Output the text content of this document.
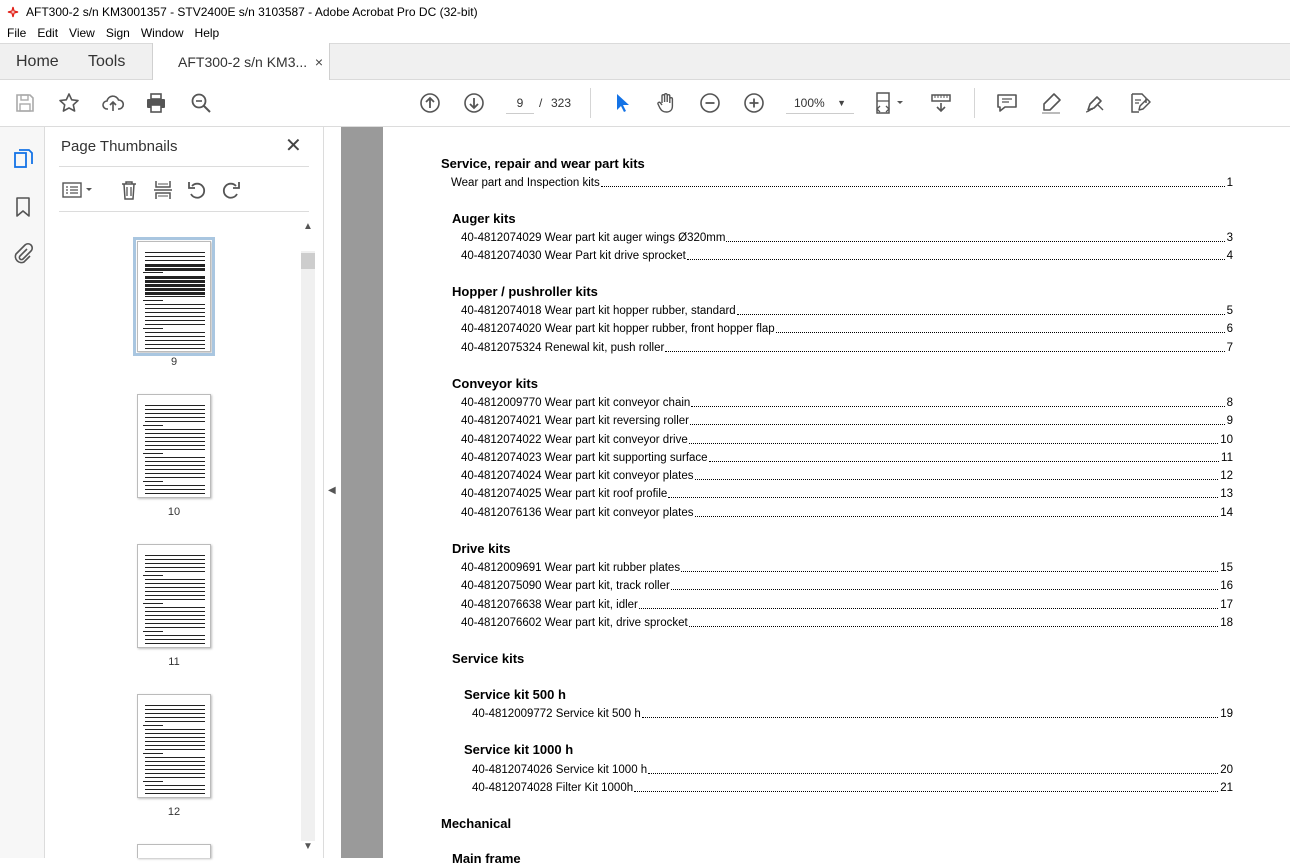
AFT300-2 s/n KM3001357 - STV2400E s/n 3103587 - Adobe Acrobat Pro DC (32-bit)
File Edit View Sign Window Help
Home Tools	AFT300-2 s/n KM3... ×
9	/ 323	100% ▼
Page Thumbnails	✕
9
10
11
12
▲
▼
◀
Service, repair and wear part kits
Wear part and Inspection kits	1
Auger kits
40-4812074029 Wear part kit auger wings Ø320mm	3
40-4812074030 Wear Part kit drive sprocket	4
Hopper / pushroller kits
40-4812074018 Wear part kit hopper rubber, standard	5
40-4812074020 Wear part kit hopper rubber, front hopper flap	6
40-4812075324 Renewal kit, push roller	7
Conveyor kits
40-4812009770 Wear part kit conveyor chain	8
40-4812074021 Wear part kit reversing roller	9
40-4812074022 Wear part kit conveyor drive	10
40-4812074023 Wear part kit supporting surface	11
40-4812074024 Wear part kit conveyor plates	12
40-4812074025 Wear part kit roof profile	13
40-4812076136 Wear part kit conveyor plates	14
Drive kits
40-4812009691 Wear part kit rubber plates	15
40-4812075090 Wear part kit, track roller	16
40-4812076638 Wear part kit, idler	17
40-4812076602 Wear part kit, drive sprocket	18
Service kits
Service kit 500 h
40-4812009772 Service kit 500 h	19
Service kit 1000 h
40-4812074026 Service kit 1000 h	20
40-4812074028 Filter Kit 1000h	21
Mechanical
Main frame
